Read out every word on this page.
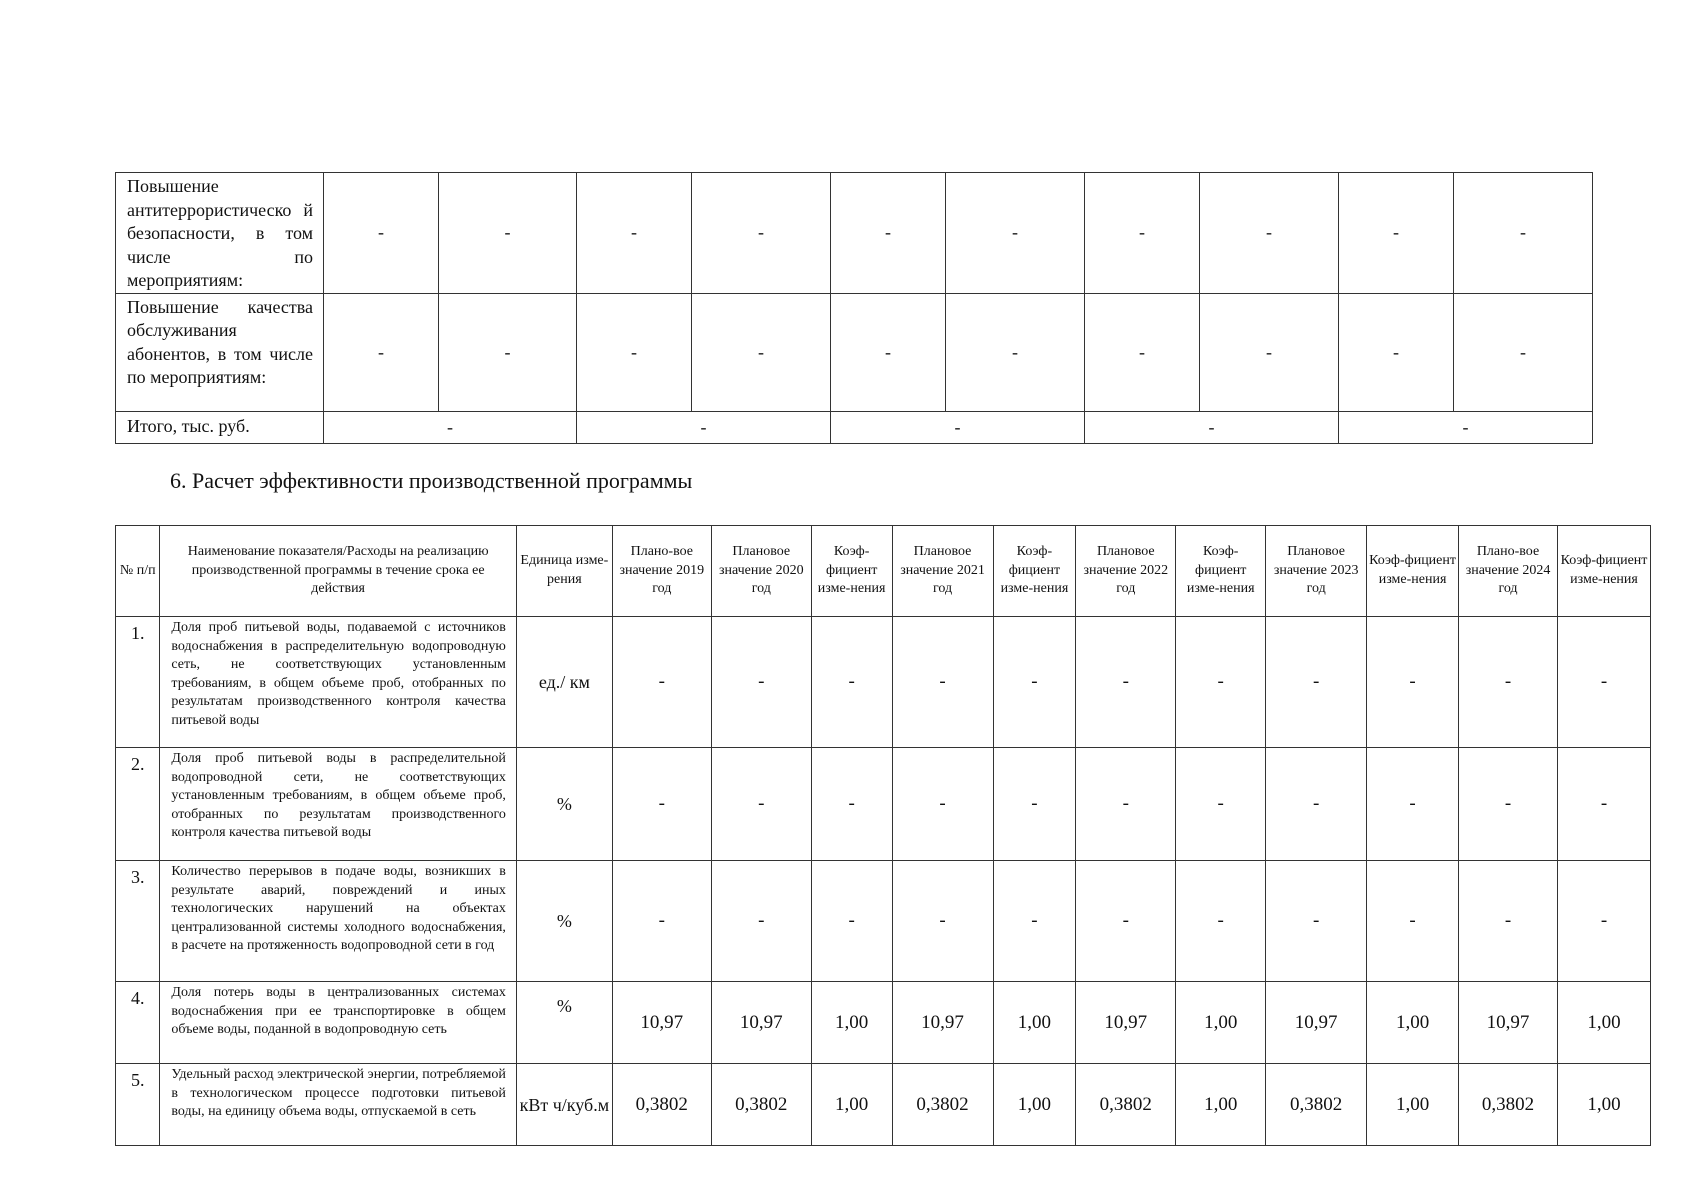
Повышение антитеррористическо й безопасности, в том числе по мероприятиям:	-	-	-	-	-	-	-	-	-	-
Повышение качества обслуживания абонентов, в том числе по мероприятиям:	-	-	-	-	-	-	-	-	-	-
Итого, тыс. руб.	-		-		-		-		-	
6. Расчет эффективности производственной программы
№ п/п	Наименование показателя/Расходы на реализацию производственной программы в течение срока ее действия	Единица изме-рения	Плано-вое значение 2019 год	Плановое значение 2020 год	Коэф-фициент изме-нения	Плановое значение 2021 год	Коэф-фициент изме-нения	Плановое значение 2022 год	Коэф-фициент изме-нения	Плановое значение 2023 год	Коэф-фициент изме-нения	Плано-вое значение 2024 год	Коэф-фициент изме-нения
1.	Доля проб питьевой воды, подаваемой с источников водоснабжения в распределительную водопроводную сеть, не соответствующих установленным требованиям, в общем объеме проб, отобранных по результатам производственного контроля качества питьевой воды	ед./ км	-	-	-	-	-	-	-	-	-	-	-
2.	Доля проб питьевой воды в распределительной водопроводной сети, не соответствующих установленным требованиям, в общем объеме проб, отобранных по результатам производственного контроля качества питьевой воды	%	-	-	-	-	-	-	-	-	-	-	-
3.	Количество перерывов в подаче воды, возникших в результате аварий, повреждений и иных технологических нарушений на объектах централизованной системы холодного водоснабжения, в расчете на протяженность водопроводной сети в год	%	-	-	-	-	-	-	-	-	-	-	-
4.	Доля потерь воды в централизованных системах водоснабжения при ее транспортировке в общем объеме воды, поданной в водопроводную сеть	%	10,97	10,97	1,00	10,97	1,00	10,97	1,00	10,97	1,00	10,97	1,00
5.	Удельный расход электрической энергии, потребляемой в технологическом процессе подготовки питьевой воды, на единицу объема воды, отпускаемой в сеть	кВт ч/куб.м	0,3802	0,3802	1,00	0,3802	1,00	0,3802	1,00	0,3802	1,00	0,3802	1,00
